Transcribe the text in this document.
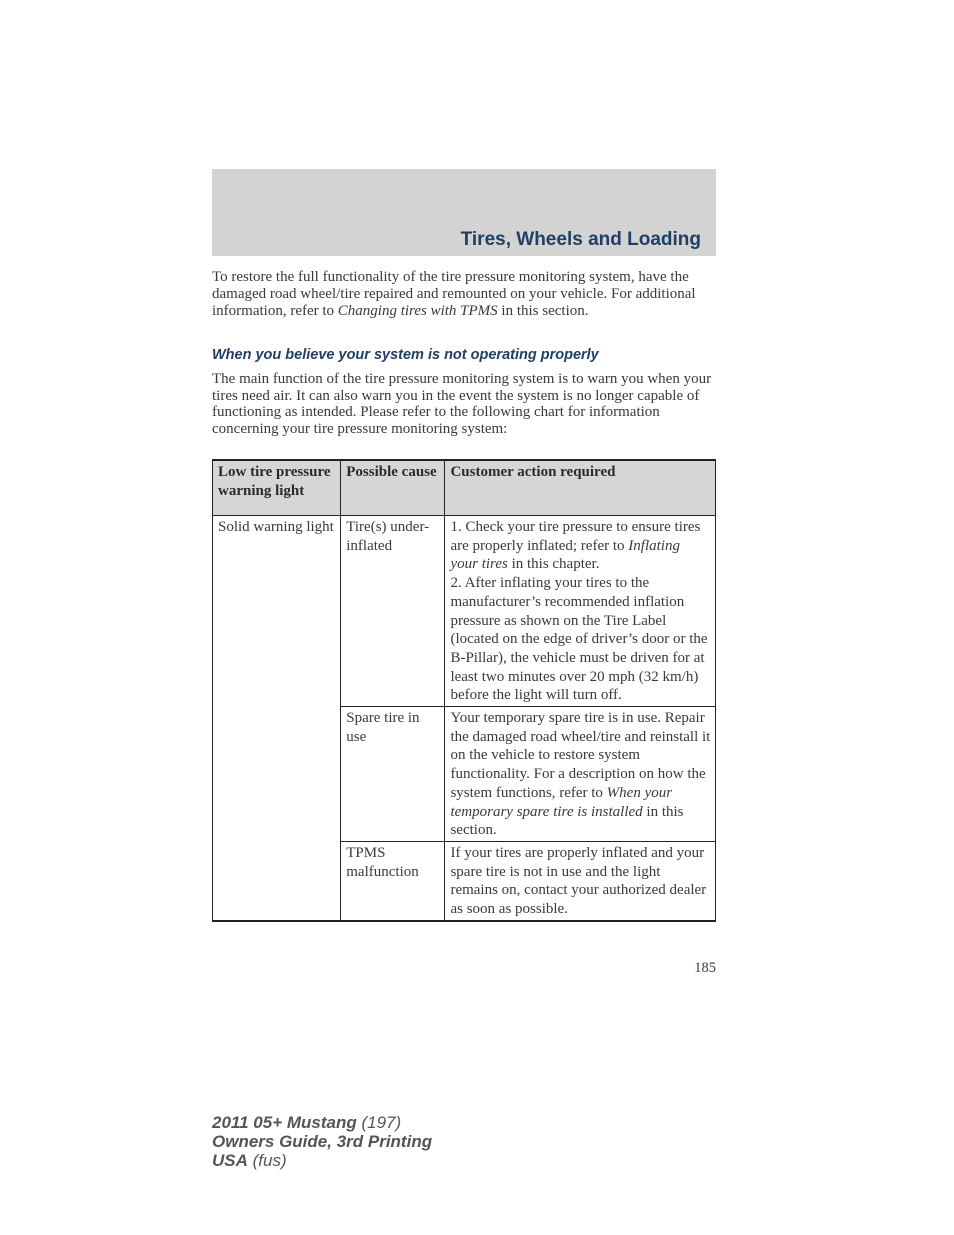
Tires, Wheels and Loading
To restore the full functionality of the tire pressure monitoring system, have the damaged road wheel/tire repaired and remounted on your vehicle. For additional information, refer to Changing tires with TPMS in this section.
When you believe your system is not operating properly
The main function of the tire pressure monitoring system is to warn you when your tires need air. It can also warn you in the event the system is no longer capable of functioning as intended. Please refer to the following chart for information concerning your tire pressure monitoring system:
Low tire pressure warning light	Possible cause	Customer action required
Solid warning light	Tire(s) under-inflated	1. Check your tire pressure to ensure tires are properly inflated; refer to Inflating your tires in this chapter.
2. After inflating your tires to the manufacturer’s recommended inflation pressure as shown on the Tire Label (located on the edge of driver’s door or the B-Pillar), the vehicle must be driven for at least two minutes over 20 mph (32 km/h) before the light will turn off.
	Spare tire in use	Your temporary spare tire is in use. Repair the damaged road wheel/tire and reinstall it on the vehicle to restore system functionality. For a description on how the system functions, refer to When your temporary spare tire is installed in this section.
	TPMS malfunction	If your tires are properly inflated and your spare tire is not in use and the light remains on, contact your authorized dealer as soon as possible.
185
2011 05+ Mustang (197)
Owners Guide, 3rd Printing
USA (fus)
